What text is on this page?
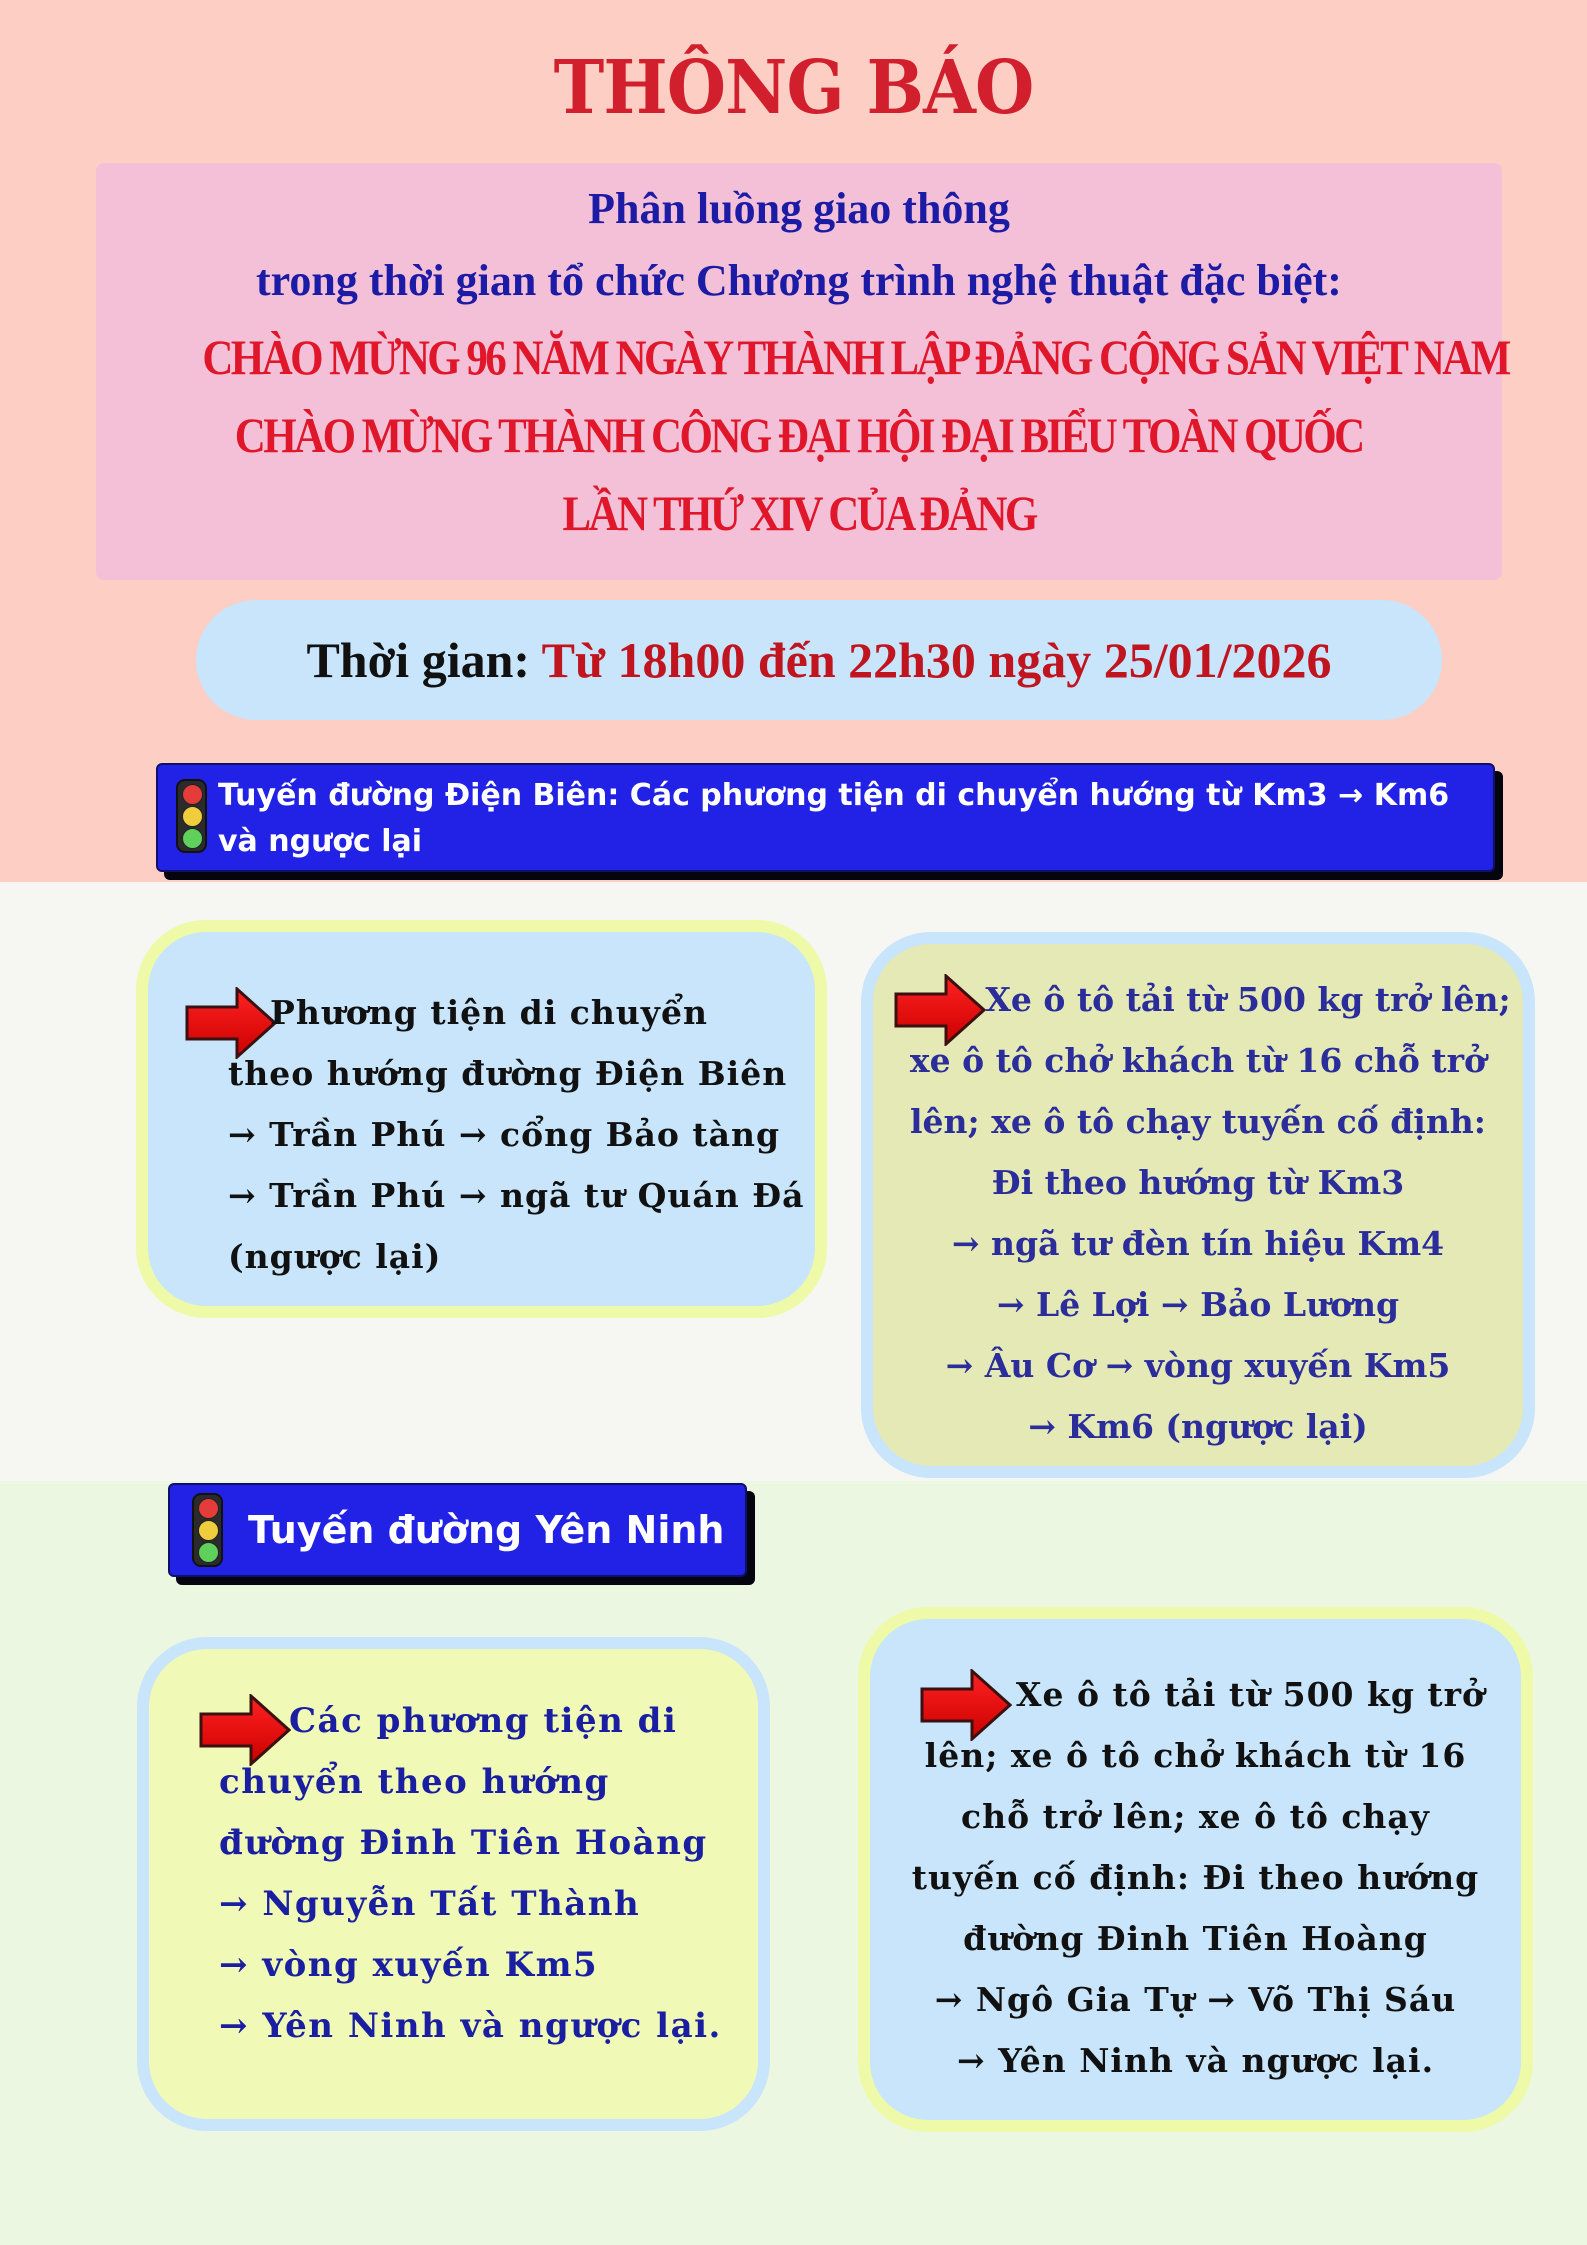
THÔNG BÁO
Phân luồng giao thông
trong thời gian tổ chức Chương trình nghệ thuật đặc biệt:
CHÀO MỪNG 96 NĂM NGÀY THÀNH LẬP ĐẢNG CỘNG SẢN VIỆT NAM
CHÀO MỪNG THÀNH CÔNG ĐẠI HỘI ĐẠI BIỂU TOÀN QUỐC
LẦN THỨ XIV CỦA ĐẢNG
Thời gian: Từ 18h00 đến 22h30 ngày 25/01/2026
Tuyến đường Điện Biên: Các phương tiện di chuyển hướng từ Km3 → Km6 và ngược lại
Phương tiện di chuyển
theo hướng đường Điện Biên
→ Trần Phú → cổng Bảo tàng
→ Trần Phú → ngã tư Quán Đá
(ngược lại)
Xe ô tô tải từ 500 kg trở lên;
xe ô tô chở khách từ 16 chỗ trở
lên; xe ô tô chạy tuyến cố định:
Đi theo hướng từ Km3
→ ngã tư đèn tín hiệu Km4
→ Lê Lợi → Bảo Lương
→ Âu Cơ → vòng xuyến Km5
→ Km6 (ngược lại)
Tuyến đường Yên Ninh
Các phương tiện di
chuyển theo hướng
đường Đinh Tiên Hoàng
→ Nguyễn Tất Thành
→ vòng xuyến Km5
→ Yên Ninh và ngược lại.
Xe ô tô tải từ 500 kg trở
lên; xe ô tô chở khách từ 16
chỗ trở lên; xe ô tô chạy
tuyến cố định: Đi theo hướng
đường Đinh Tiên Hoàng
→ Ngô Gia Tự → Võ Thị Sáu
→ Yên Ninh và ngược lại.
